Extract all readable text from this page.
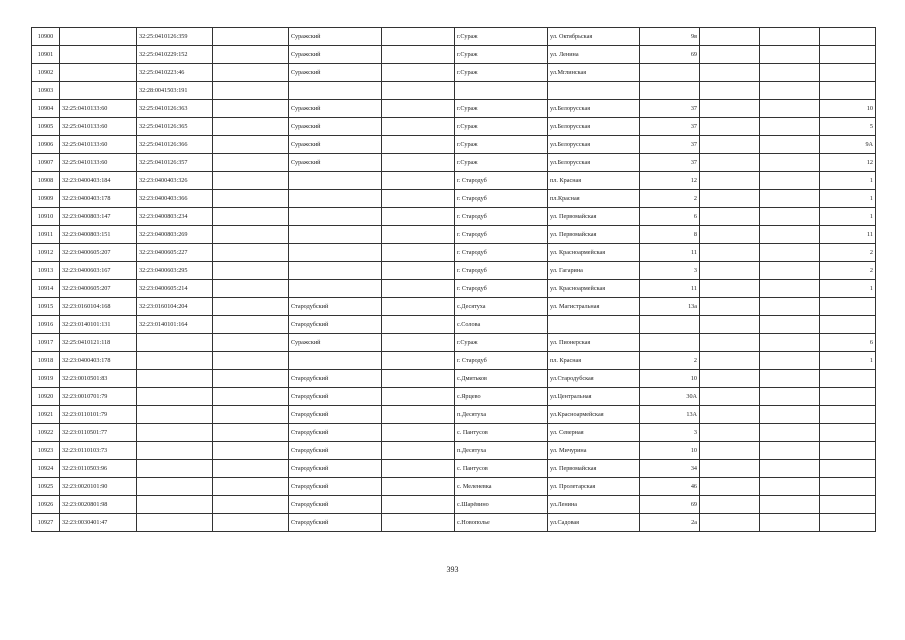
10900		32:25:0410126:359		Суражский		г.Сураж	ул. Октябрьская	9в			
10901		32:25:0410229:152		Суражский		г.Сураж	ул. Ленина	69			
10902		32:25:0410223:46		Суражский		г.Сураж	ул.Мглинская				
10903		32:28:0041503:191									
10904	32:25:0410133:60	32:25:0410126:363		Суражский		г.Сураж	ул.Белорусская	37			10
10905	32:25:0410133:60	32:25:0410126:365		Суражский		г.Сураж	ул.Белорусская	37			5
10906	32:25:0410133:60	32:25:0410126:366		Суражский		г.Сураж	ул.Белорусская	37			9А
10907	32:25:0410133:60	32:25:0410126:357		Суражский		г.Сураж	ул.Белорусская	37			12
10908	32:23:0400403:184	32:23:0400403:326				г. Стародуб	пл. Красная	12			1
10909	32:23:0400403:178	32:23:0400403:366				г. Стародуб	пл.Красная	2			1
10910	32:23:0400803:147	32:23:0400803:234				г. Стародуб	ул. Первомайская	6			1
10911	32:23:0400803:151	32:23:0400803:269				г. Стародуб	ул. Первомайская	8			11
10912	32:23:0400605:207	32:23:0400605:227				г. Стародуб	ул. Красноармейская	11			2
10913	32:23:0400603:167	32:23:0400603:295				г. Стародуб	ул. Гагарина	3			2
10914	32:23:0400605:207	32:23:0400605:214				г. Стародуб	ул. Красноармейская	11			1
10915	32:23:0160104:168	32:23:0160104:204		Стародубский		с.Десятуха	ул. Магистральная	13а			
10916	32:23:0140101:131	32:23:0140101:164		Стародубский		с.Солова					
10917	32:25:0410121:118			Суражский		г.Сураж	ул. Пионерская				6
10918	32:23:0400403:178					г. Стародуб	пл. Красная	2			1
10919	32:23:0010501:83			Стародубский		с.Дмитьков	ул.Стародубская	10			
10920	32:23:0010701:79			Стародубский		с.Ярцево	ул.Центральная	30А			
10921	32:23:0110101:79			Стародубский		п.Десятуха	ул.Красноармейская	13А			
10922	32:23:0110501:77			Стародубский		с. Пантусов	ул. Северная	3			
10923	32:23:0110103:73			Стародубский		п.Десятуха	ул. Мичурина	10			
10924	32:23:0110503:96			Стародубский		с. Пантусов	ул. Первомайская	34			
10925	32:23:0020101:90			Стародубский		с. Меленевка	ул. Пролетарская	46			
10926	32:23:0020801:98			Стародубский		с.Шарёвино	ул.Ленина	69			
10927	32:23:0030401:47			Стародубский		с.Новополье	ул.Садовая	2а			
393
